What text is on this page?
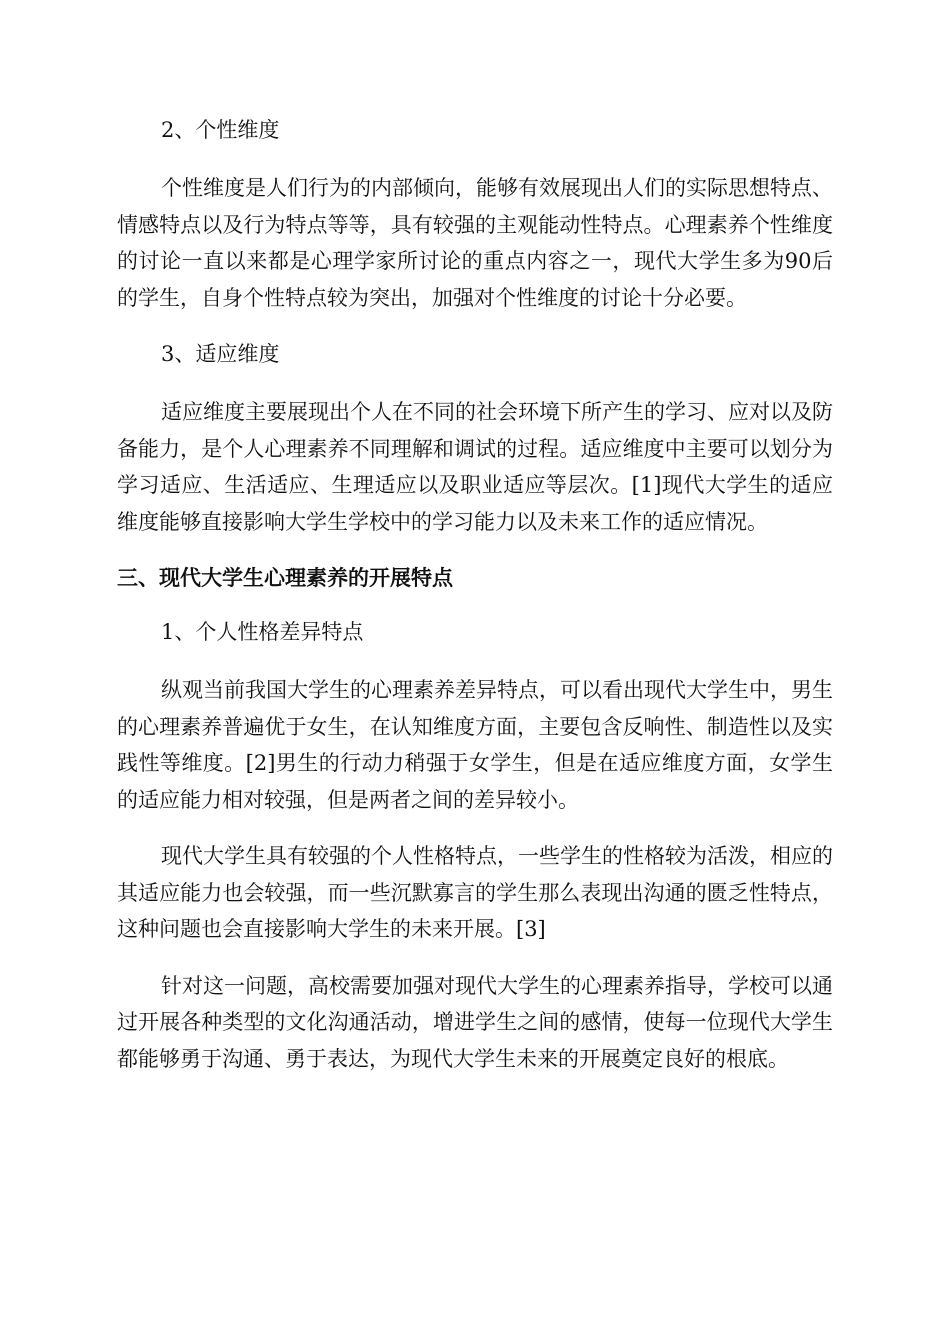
2、个性维度

个性维度是人们行为的内部倾向，能够有效展现出人们的实际思想特点、情感特点以及行为特点等等，具有较强的主观能动性特点。心理素养个性维度的讨论一直以来都是心理学家所讨论的重点内容之一，现代大学生多为90后的学生，自身个性特点较为突出，加强对个性维度的讨论十分必要。

3、适应维度

适应维度主要展现出个人在不同的社会环境下所产生的学习、应对以及防备能力，是个人心理素养不同理解和调试的过程。适应维度中主要可以划分为学习适应、生活适应、生理适应以及职业适应等层次。[1]现代大学生的适应维度能够直接影响大学生学校中的学习能力以及未来工作的适应情况。

三、现代大学生心理素养的开展特点
1、个人性格差异特点

纵观当前我国大学生的心理素养差异特点，可以看出现代大学生中，男生的心理素养普遍优于女生，在认知维度方面，主要包含反响性、制造性以及实践性等维度。[2]男生的行动力稍强于女学生，但是在适应维度方面，女学生的适应能力相对较强，但是两者之间的差异较小。

现代大学生具有较强的个人性格特点，一些学生的性格较为活泼，相应的其适应能力也会较强，而一些沉默寡言的学生那么表现出沟通的匮乏性特点，这种问题也会直接影响大学生的未来开展。[3]

针对这一问题，高校需要加强对现代大学生的心理素养指导，学校可以通过开展各种类型的文化沟通活动，增进学生之间的感情，使每一位现代大学生都能够勇于沟通、勇于表达，为现代大学生未来的开展奠定良好的根底。
